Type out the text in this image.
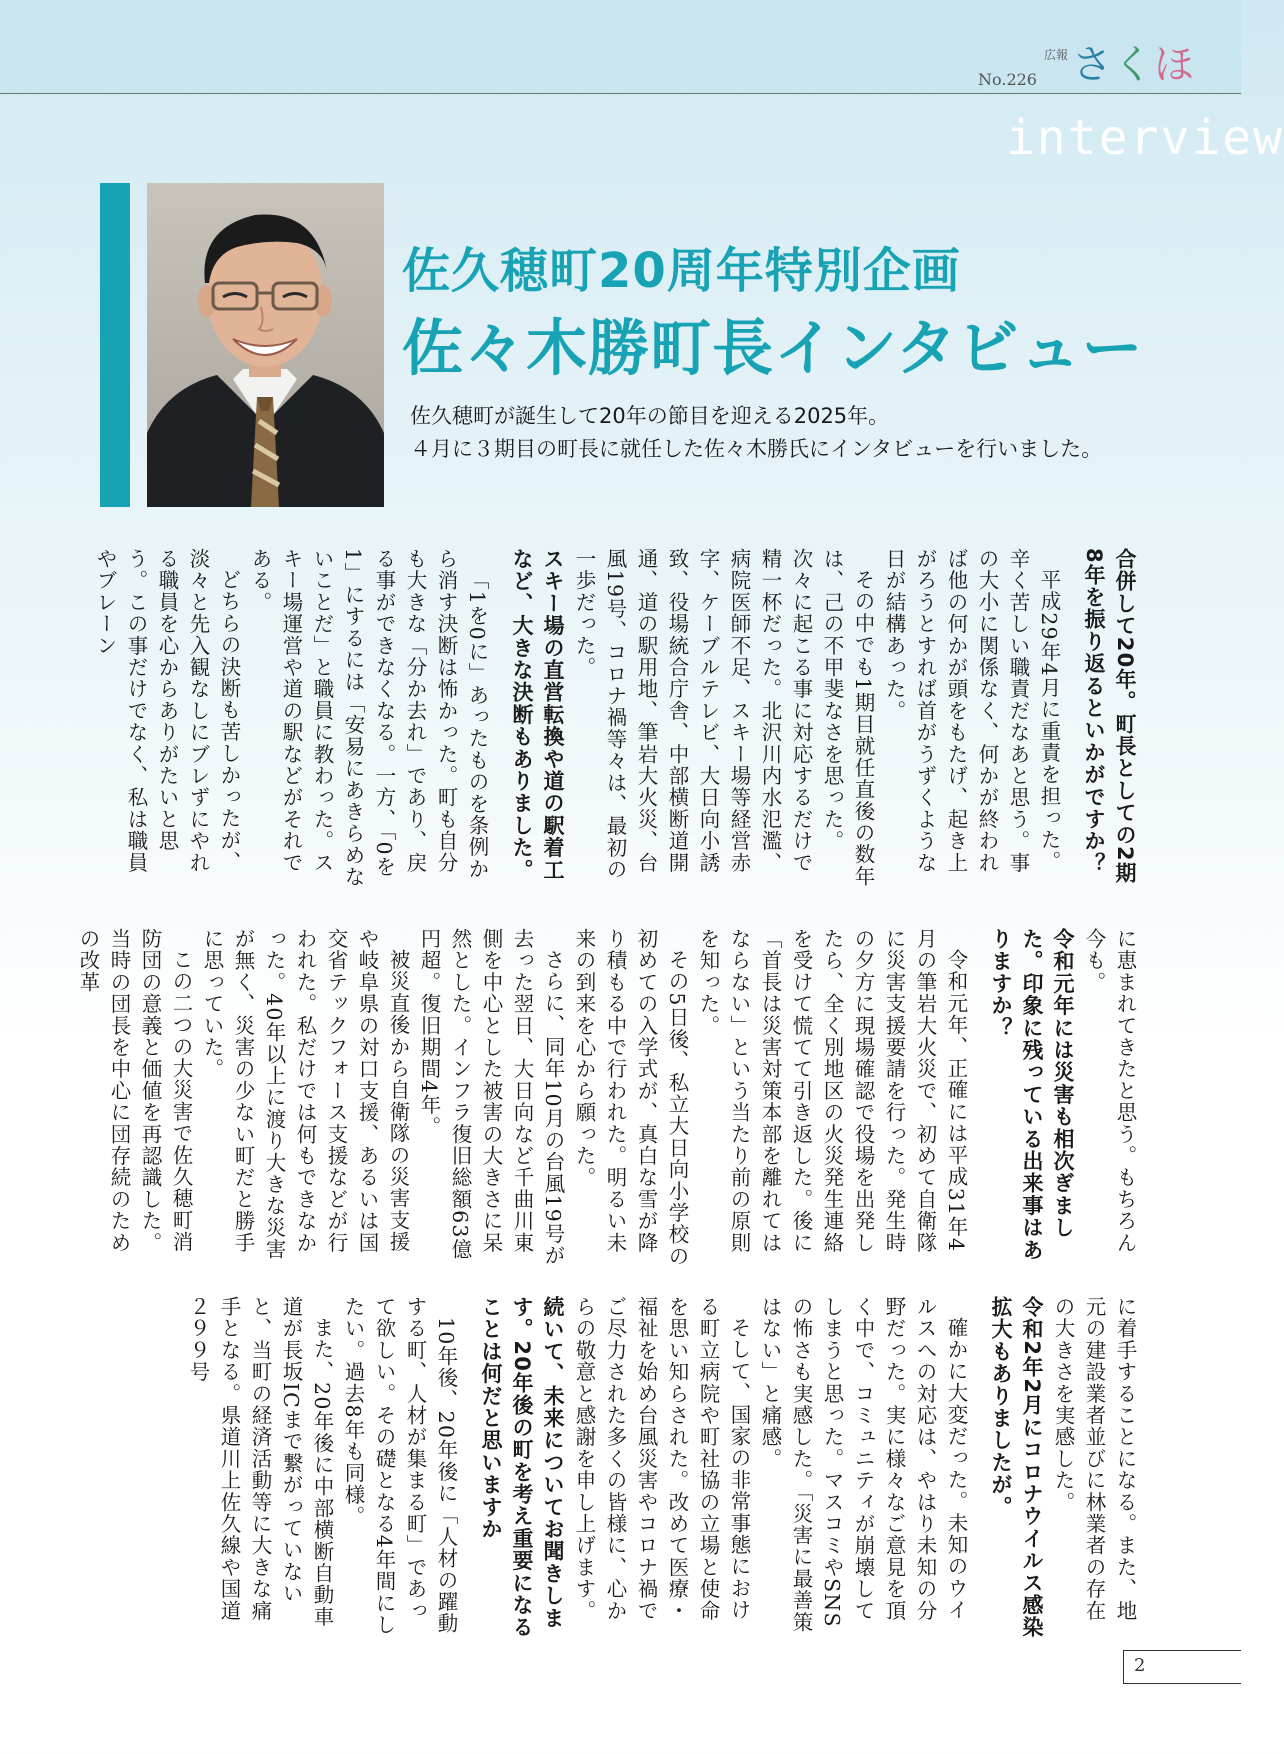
No.226
広報 さくほ
interview
佐久穂町20周年特別企画
佐々木勝町長インタビュー

佐久穂町が誕生して20年の節目を迎える2025年。

４月に３期目の町長に就任した佐々木勝氏にインタビューを行いました。

合併して20年。町長としての2期8年を振り返るといかがですか？

平成29年4月に重責を担った。辛く苦しい職責だなあと思う。事の大小に関係なく、何かが終われば他の何かが頭をもたげ、起き上がろうとすれば首がうずくような日が結構あった。

その中でも1期目就任直後の数年は、己の不甲斐なさを思った。次々に起こる事に対応するだけで精一杯だった。北沢川内水氾濫、病院医師不足、スキー場等経営赤字、ケーブルテレビ、大日向小誘致、役場統合庁舎、中部横断道開通、道の駅用地、筆岩大火災、台風19号、コロナ禍等々は、最初の一歩だった。

スキー場の直営転換や道の駅着工など、大きな決断もありました。

「1を0に」あったものを条例から消す決断は怖かった。町も自分も大きな「分か去れ」であり、戻る事ができなくなる。一方、「0を1」にするには「安易にあきらめないことだ」と職員に教わった。スキー場運営や道の駅などがそれである。

どちらの決断も苦しかったが、淡々と先入観なしにブレずにやれる職員を心からありがたいと思う。この事だけでなく、私は職員やブレーン

に恵まれてきたと思う。もちろん今も。

令和元年には災害も相次ぎました。印象に残っている出来事はありますか？

令和元年、正確には平成31年4月の筆岩大火災で、初めて自衛隊に災害支援要請を行った。発生時の夕方に現場確認で役場を出発したら、全く別地区の火災発生連絡を受けて慌てて引き返した。後に「首長は災害対策本部を離れてはならない」という当たり前の原則を知った。

その5日後、私立大日向小学校の初めての入学式が、真白な雪が降り積もる中で行われた。明るい未来の到来を心から願った。

さらに、同年10月の台風19号が去った翌日、大日向など千曲川東側を中心とした被害の大きさに呆然とした。インフラ復旧総額63億円超。復旧期間4年。

被災直後から自衛隊の災害支援や岐阜県の対口支援、あるいは国交省テックフォース支援などが行われた。私だけでは何もできなかった。40年以上に渡り大きな災害が無く、災害の少ない町だと勝手に思っていた。

この二つの大災害で佐久穂町消防団の意義と価値を再認識した。当時の団長を中心に団存続のための改革

に着手することになる。また、地元の建設業者並びに林業者の存在の大きさを実感した。

令和2年2月にコロナウイルス感染拡大もありましたが。

確かに大変だった。未知のウイルスへの対応は、やはり未知の分野だった。実に様々なご意見を頂く中で、コミュニティが崩壊してしまうと思った。マスコミやSNSの怖さも実感した。「災害に最善策はない」と痛感。

そして、国家の非常事態における町立病院や町社協の立場と使命を思い知らされた。改めて医療・福祉を始め台風災害やコロナ禍でご尽力された多くの皆様に、心からの敬意と感謝を申し上げます。

続いて、未来についてお聞きします。20年後の町を考え重要になることは何だと思いますか

10年後、20年後に「人材の躍動する町、人材が集まる町」であって欲しい。その礎となる4年間にしたい。過去8年も同様。

また、20年後に中部横断自動車道が長坂ICまで繋がっていないと、当町の経済活動等に大きな痛手となる。県道川上佐久線や国道２９９号

2
